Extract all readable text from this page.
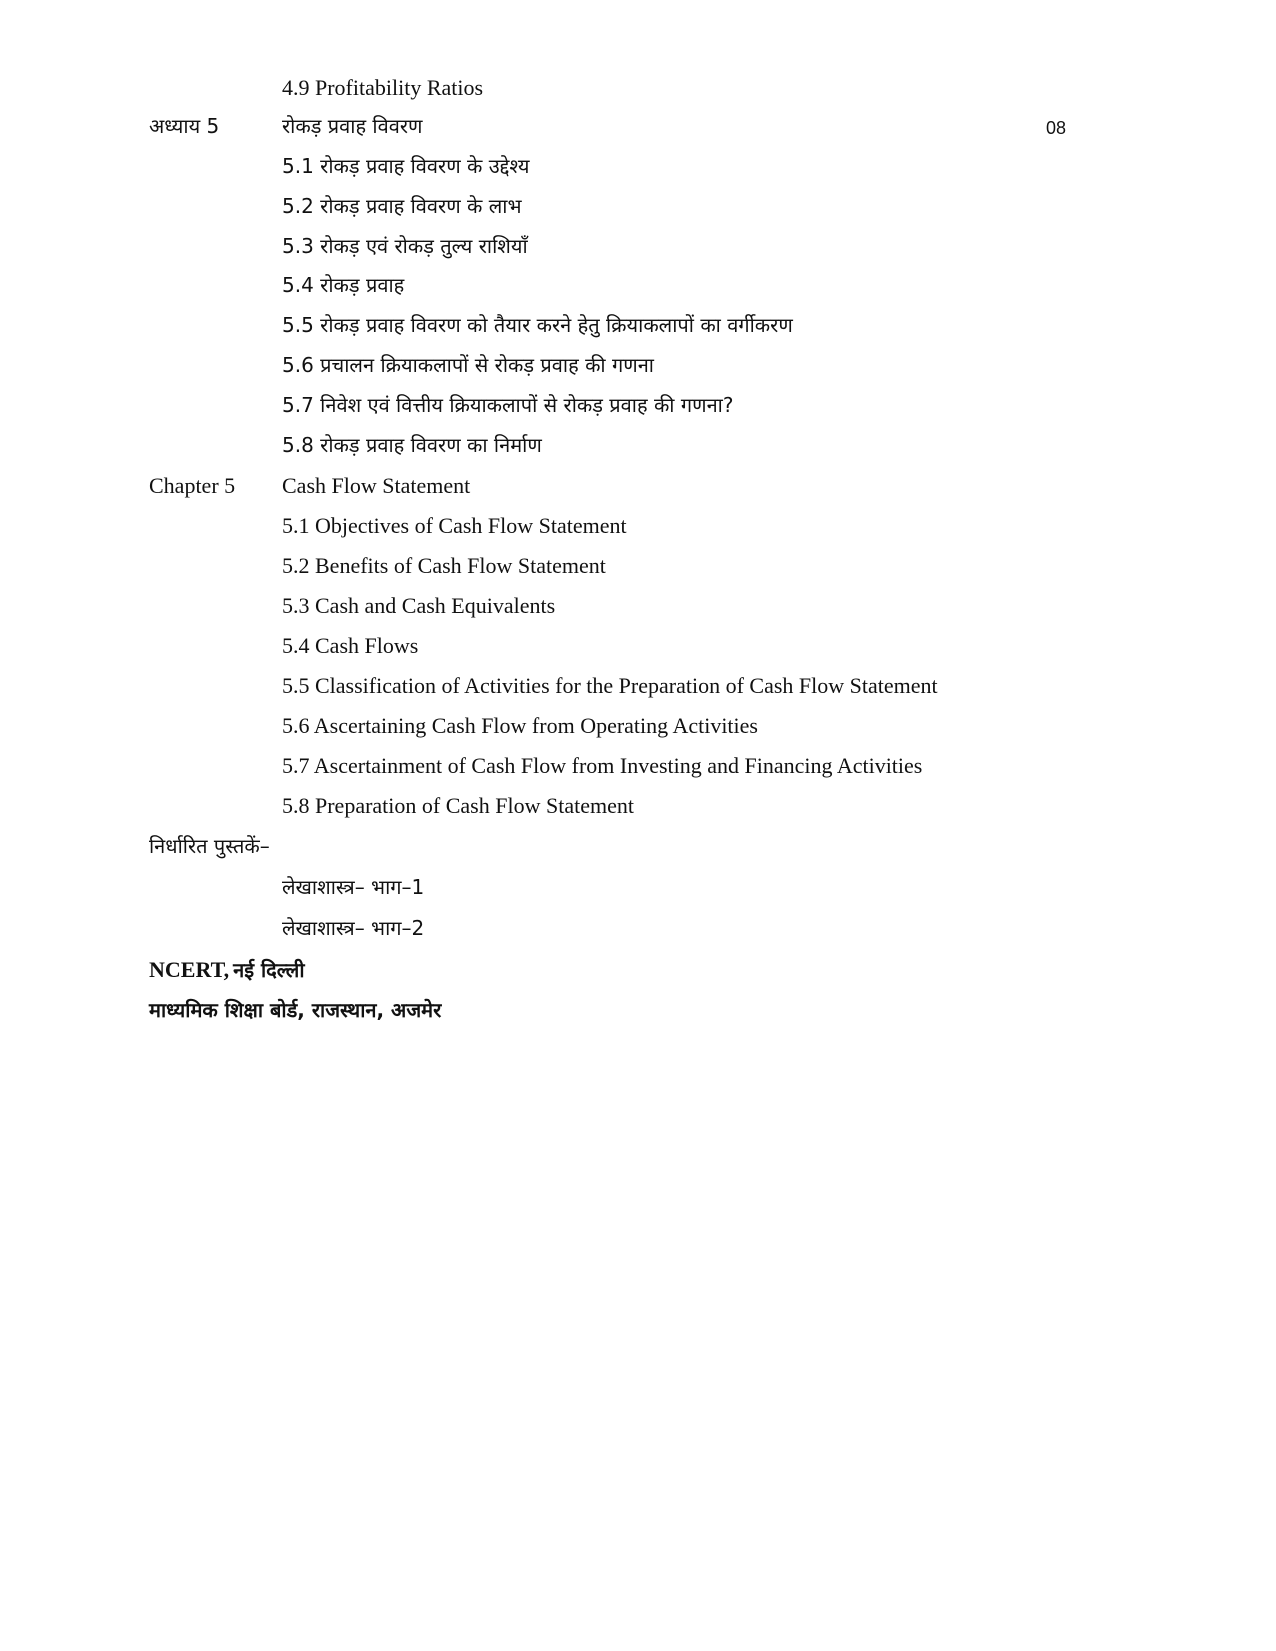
4.9 Profitability Ratios
अध्याय 5	रोकड़ प्रवाह विवरण	08
5.1 रोकड़ प्रवाह विवरण के उद्देश्य
5.2 रोकड़ प्रवाह विवरण के लाभ
5.3 रोकड़ एवं रोकड़ तुल्य राशियाँ
5.4 रोकड़ प्रवाह
5.5 रोकड़ प्रवाह विवरण को तैयार करने हेतु क्रियाकलापों का वर्गीकरण
5.6 प्रचालन क्रियाकलापों से रोकड़ प्रवाह की गणना
5.7 निवेश एवं वित्तीय क्रियाकलापों से रोकड़ प्रवाह की गणना?
5.8 रोकड़ प्रवाह विवरण का निर्माण
Chapter 5 Cash Flow Statement
5.1 Objectives of Cash Flow Statement
5.2 Benefits of Cash Flow Statement
5.3 Cash and Cash Equivalents
5.4 Cash Flows
5.5 Classification of Activities for the Preparation of Cash Flow Statement
5.6 Ascertaining Cash Flow from Operating Activities
5.7 Ascertainment of Cash Flow from Investing and Financing Activities
5.8 Preparation of Cash Flow Statement
निर्धारित पुस्तकें–
लेखाशास्त्र– भाग–1
लेखाशास्त्र– भाग–2
NCERT, नई दिल्ली
माध्यमिक शिक्षा बोर्ड, राजस्थान, अजमेर
